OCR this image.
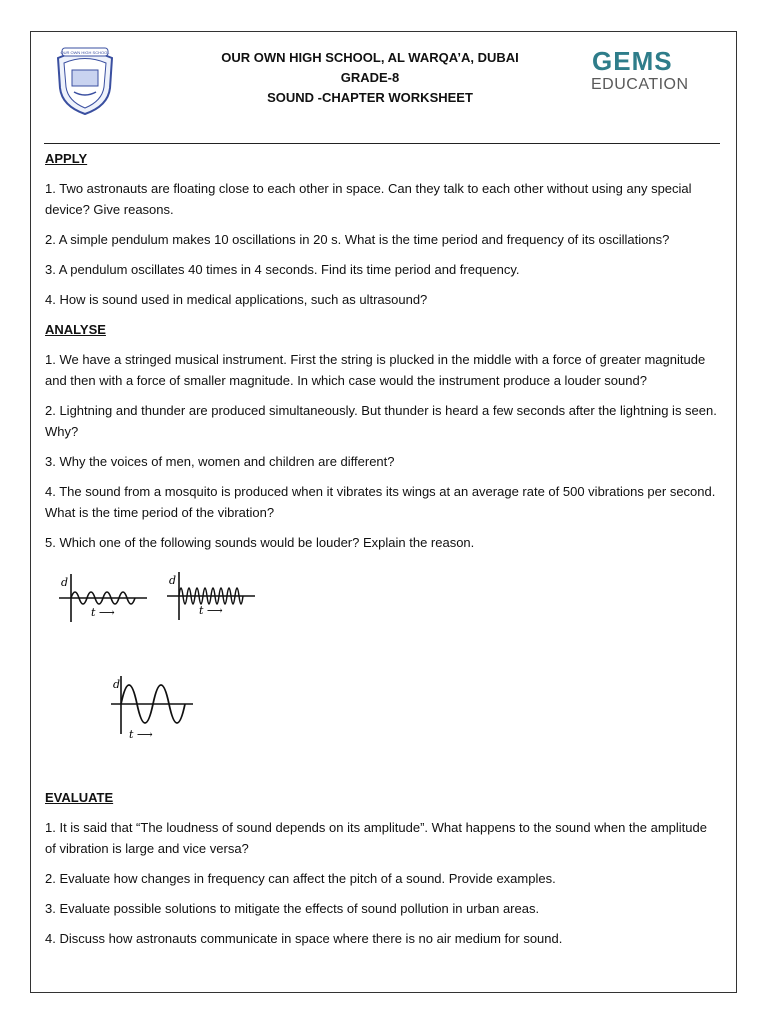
OUR OWN HIGH SCHOOL	GEMS
EDUCATION
OUR OWN HIGH SCHOOL, AL WARQA’A, DUBAI
GRADE-8
SOUND -CHAPTER WORKSHEET
APPLY
1. Two astronauts are floating close to each other in space. Can they talk to each other without using any special device? Give reasons.
2. A simple pendulum makes 10 oscillations in 20 s. What is the time period and frequency of its oscillations?
3. A pendulum oscillates 40 times in 4 seconds. Find its time period and frequency.
4. How is sound used in medical applications, such as ultrasound?
ANALYSE
1. We have a stringed musical instrument. First the string is plucked in the middle with a force of greater magnitude and then with a force of smaller magnitude. In which case would the instrument produce a louder sound?
2. Lightning and thunder are produced simultaneously. But thunder is heard a few seconds after the lightning is seen. Why?
3. Why the voices of men, women and children are different?
4. The sound from a mosquito is produced when it vibrates its wings at an average rate of 500 vibrations per second. What is the time period of the vibration?
5. Which one of the following sounds would be louder? Explain the reason.
d
t ⟶
d
t ⟶
d
t ⟶
EVALUATE
1. It is said that “The loudness of sound depends on its amplitude”. What happens to the sound when the amplitude of vibration is large and vice versa?
2. Evaluate how changes in frequency can affect the pitch of a sound. Provide examples.
3. Evaluate possible solutions to mitigate the effects of sound pollution in urban areas.
4. Discuss how astronauts communicate in space where there is no air medium for sound.
